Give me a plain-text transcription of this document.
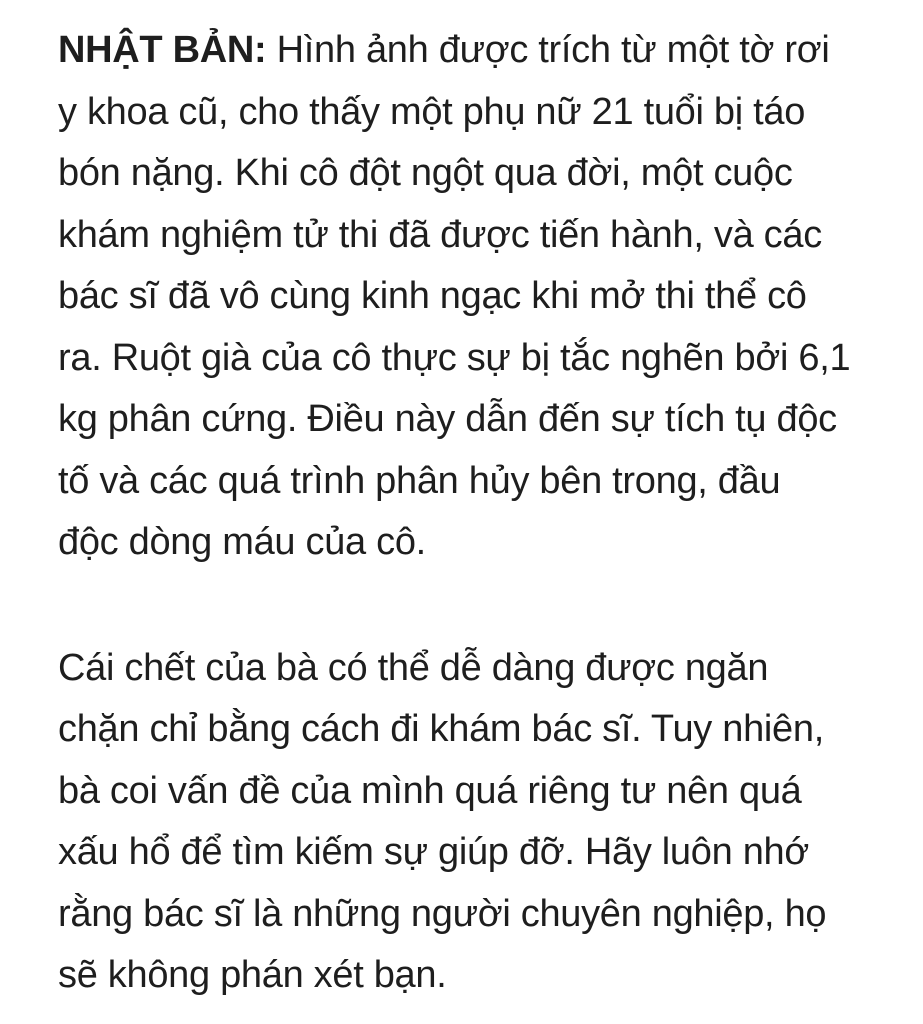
NHẬT BẢN: Hình ảnh được trích từ một tờ rơi
y khoa cũ, cho thấy một phụ nữ 21 tuổi bị táo
bón nặng. Khi cô đột ngột qua đời, một cuộc
khám nghiệm tử thi đã được tiến hành, và các
bác sĩ đã vô cùng kinh ngạc khi mở thi thể cô
ra. Ruột già của cô thực sự bị tắc nghẽn bởi 6,1
kg phân cứng. Điều này dẫn đến sự tích tụ độc
tố và các quá trình phân hủy bên trong, đầu
độc dòng máu của cô.

Cái chết của bà có thể dễ dàng được ngăn
chặn chỉ bằng cách đi khám bác sĩ. Tuy nhiên,
bà coi vấn đề của mình quá riêng tư nên quá
xấu hổ để tìm kiếm sự giúp đỡ. Hãy luôn nhớ
rằng bác sĩ là những người chuyên nghiệp, họ
sẽ không phán xét bạn.
